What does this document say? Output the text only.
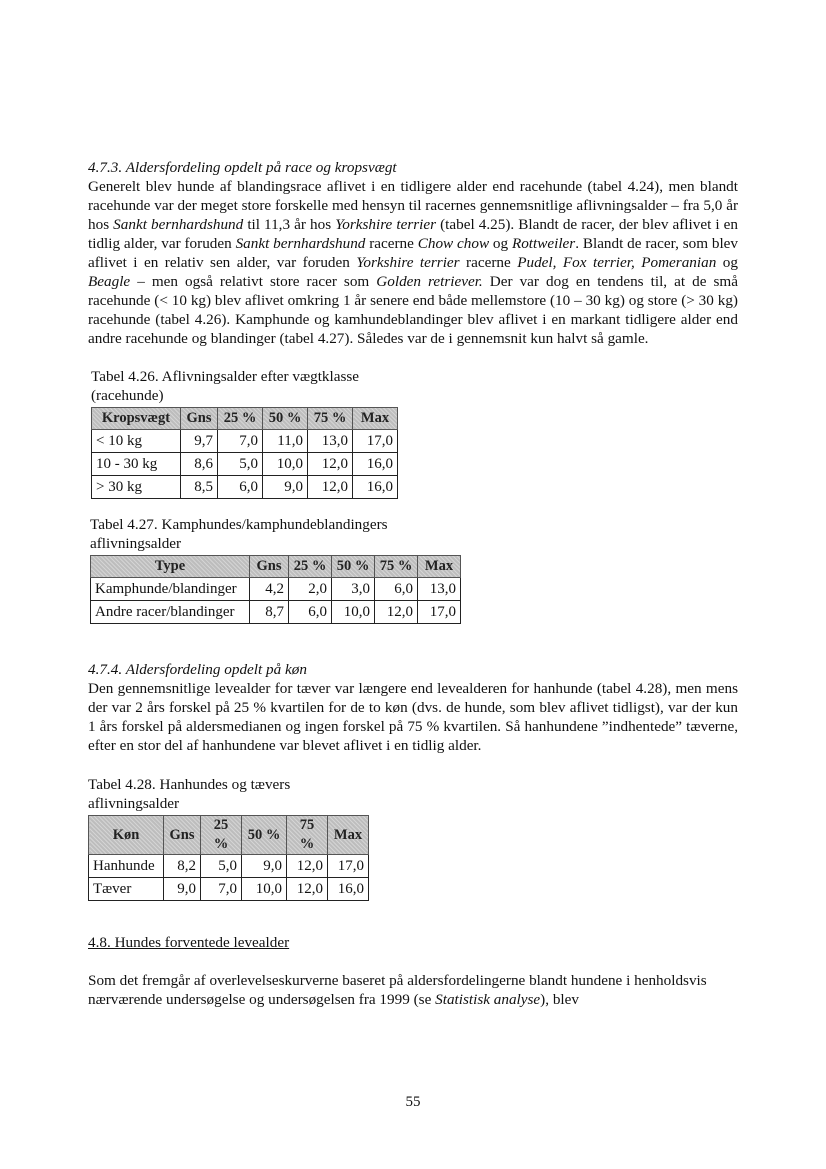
4.7.3. Aldersfordeling opdelt på race og kropsvægt

Generelt blev hunde af blandingsrace aflivet i en tidligere alder end racehunde (tabel 4.24), men blandt racehunde var der meget store forskelle med hensyn til racernes gennemsnitlige aflivningsalder – fra 5,0 år hos Sankt bernhardshund til 11,3 år hos Yorkshire terrier (tabel 4.25). Blandt de racer, der blev aflivet i en tidlig alder, var foruden Sankt bernhardshund racerne Chow chow og Rottweiler. Blandt de racer, som blev aflivet i en relativ sen alder, var foruden Yorkshire terrier racerne Pudel, Fox terrier, Pomeranian og Beagle – men også relativt store racer som Golden retriever. Der var dog en tendens til, at de små racehunde (< 10 kg) blev aflivet omkring 1 år senere end både mellemstore (10 – 30 kg) og store (> 30 kg) racehunde (tabel 4.26). Kamphunde og kamhundeblandinger blev aflivet i en markant tidligere alder end andre racehunde og blandinger (tabel 4.27). Således var de i gennemsnit kun halvt så gamle.

Tabel 4.26. Aflivningsalder efter vægtklasse (racehunde)

Kropsvægt	Gns	25 %	50 %	75 %	Max
< 10 kg	9,7	7,0	11,0	13,0	17,0
10 - 30 kg	8,6	5,0	10,0	12,0	16,0
> 30 kg	8,5	6,0	9,0	12,0	16,0

Tabel 4.27. Kamphundes/kamphundeblandingers aflivningsalder

Type	Gns	25 %	50 %	75 %	Max
Kamphunde/blandinger	4,2	2,0	3,0	6,0	13,0
Andre racer/blandinger	8,7	6,0	10,0	12,0	17,0

4.7.4. Aldersfordeling opdelt på køn

Den gennemsnitlige levealder for tæver var længere end levealderen for hanhunde (tabel 4.28), men mens der var 2 års forskel på 25 % kvartilen for de to køn (dvs. de hunde, som blev aflivet tidligst), var der kun 1 års forskel på aldersmedianen og ingen forskel på 75 % kvartilen. Så hanhundene ”indhentede” tæverne, efter en stor del af hanhundene var blevet aflivet i en tidlig alder.

Tabel 4.28. Hanhundes og tævers aflivningsalder

Køn	Gns	25 %	50 %	75 %	Max
Hanhunde	8,2	5,0	9,0	12,0	17,0
Tæver	9,0	7,0	10,0	12,0	16,0

4.8. Hundes forventede levealder

Som det fremgår af overlevelseskurverne baseret på aldersfordelingerne blandt hundene i henholdsvis nærværende undersøgelse og undersøgelsen fra 1999 (se Statistisk analyse), blev

55
